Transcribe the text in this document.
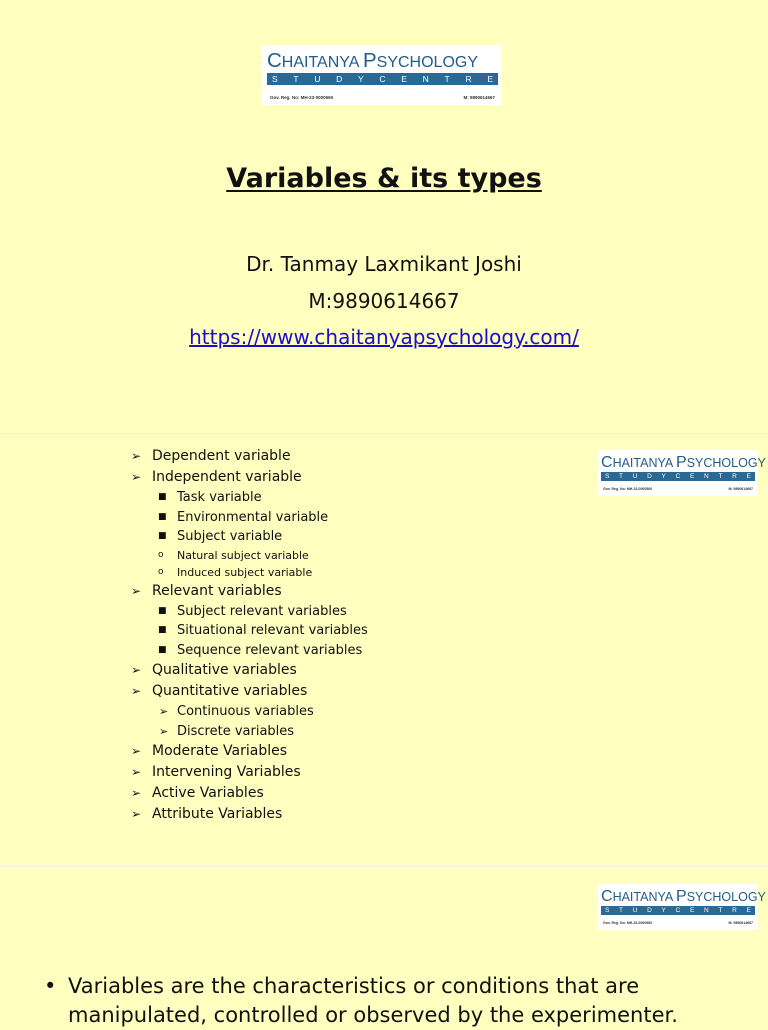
CHAITANYA PSYCHOLOGY
S T U D Y C E N T R E
Gov. Reg. No: MH-23-0000560	M: 9890614667
Variables & its types
Dr. Tanmay Laxmikant Joshi
M:9890614667
https://www.chaitanyapsychology.com/
CHAITANYA PSYCHOLOGY
S T U D Y C E N T R E
Gov. Reg. No: MH-23-0000560	M: 9890614667
➢ Dependent variable
➢ Independent variable
■ Task variable
■ Environmental variable
■ Subject variable
o Natural subject variable
o Induced subject variable
➢ Relevant variables
■ Subject relevant variables
■ Situational relevant variables
■ Sequence relevant variables
➢ Qualitative variables
➢ Quantitative variables
➢ Continuous variables
➢ Discrete variables
➢ Moderate Variables
➢ Intervening Variables
➢ Active Variables
➢ Attribute Variables
CHAITANYA PSYCHOLOGY
S T U D Y C E N T R E
Gov. Reg. No: MH-23-0000560	M: 9890614667
• Variables are the characteristics or conditions that are manipulated, controlled or observed by the experimenter.
